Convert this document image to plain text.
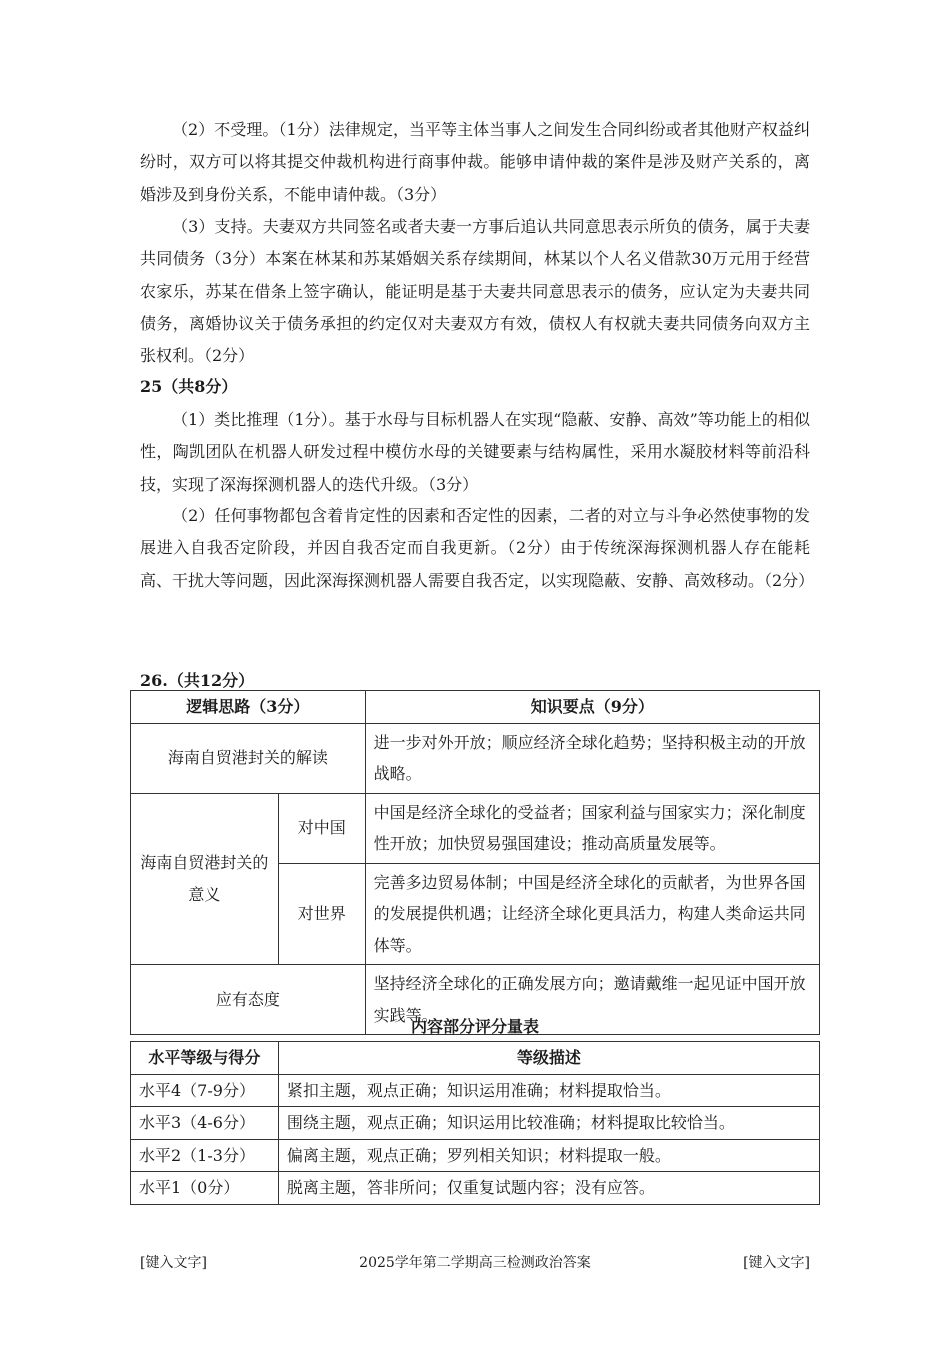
（2）不受理。（1分）法律规定，当平等主体当事人之间发生合同纠纷或者其他财产权益纠纷时，双方可以将其提交仲裁机构进行商事仲裁。能够申请仲裁的案件是涉及财产关系的，离婚涉及到身份关系，不能申请仲裁。（3分）

（3）支持。夫妻双方共同签名或者夫妻一方事后追认共同意思表示所负的债务，属于夫妻共同债务（3分）本案在林某和苏某婚姻关系存续期间，林某以个人名义借款30万元用于经营农家乐，苏某在借条上签字确认，能证明是基于夫妻共同意思表示的债务，应认定为夫妻共同债务，离婚协议关于债务承担的约定仅对夫妻双方有效，债权人有权就夫妻共同债务向双方主张权利。（2分）

25（共8分）

（1）类比推理（1分）。基于水母与目标机器人在实现“隐蔽、安静、高效”等功能上的相似性，陶凯团队在机器人研发过程中模仿水母的关键要素与结构属性，采用水凝胶材料等前沿科技，实现了深海探测机器人的迭代升级。（3分）

（2）任何事物都包含着肯定性的因素和否定性的因素，二者的对立与斗争必然使事物的发展进入自我否定阶段，并因自我否定而自我更新。（2分）由于传统深海探测机器人存在能耗高、干扰大等问题，因此深海探测机器人需要自我否定，以实现隐蔽、安静、高效移动。（2分）

26.（共12分）
逻辑思路（3分）		知识要点（9分）
海南自贸港封关的解读		进一步对外开放；顺应经济全球化趋势；坚持积极主动的开放战略。
海南自贸港封关的意义	对中国	中国是经济全球化的受益者；国家利益与国家实力；深化制度性开放；加快贸易强国建设；推动高质量发展等。
	对世界	完善多边贸易体制；中国是经济全球化的贡献者，为世界各国的发展提供机遇；让经济全球化更具活力，构建人类命运共同体等。
应有态度		坚持经济全球化的正确发展方向；邀请戴维一起见证中国开放实践等。
内容部分评分量表
水平等级与得分	等级描述
水平4（7-9分）	紧扣主题，观点正确；知识运用准确；材料提取恰当。
水平3（4-6分）	围绕主题，观点正确；知识运用比较准确；材料提取比较恰当。
水平2（1-3分）	偏离主题，观点正确；罗列相关知识；材料提取一般。
水平1（0分）	脱离主题，答非所问；仅重复试题内容；没有应答。
[键入文字]	2025学年第二学期高三检测政治答案	[键入文字]
